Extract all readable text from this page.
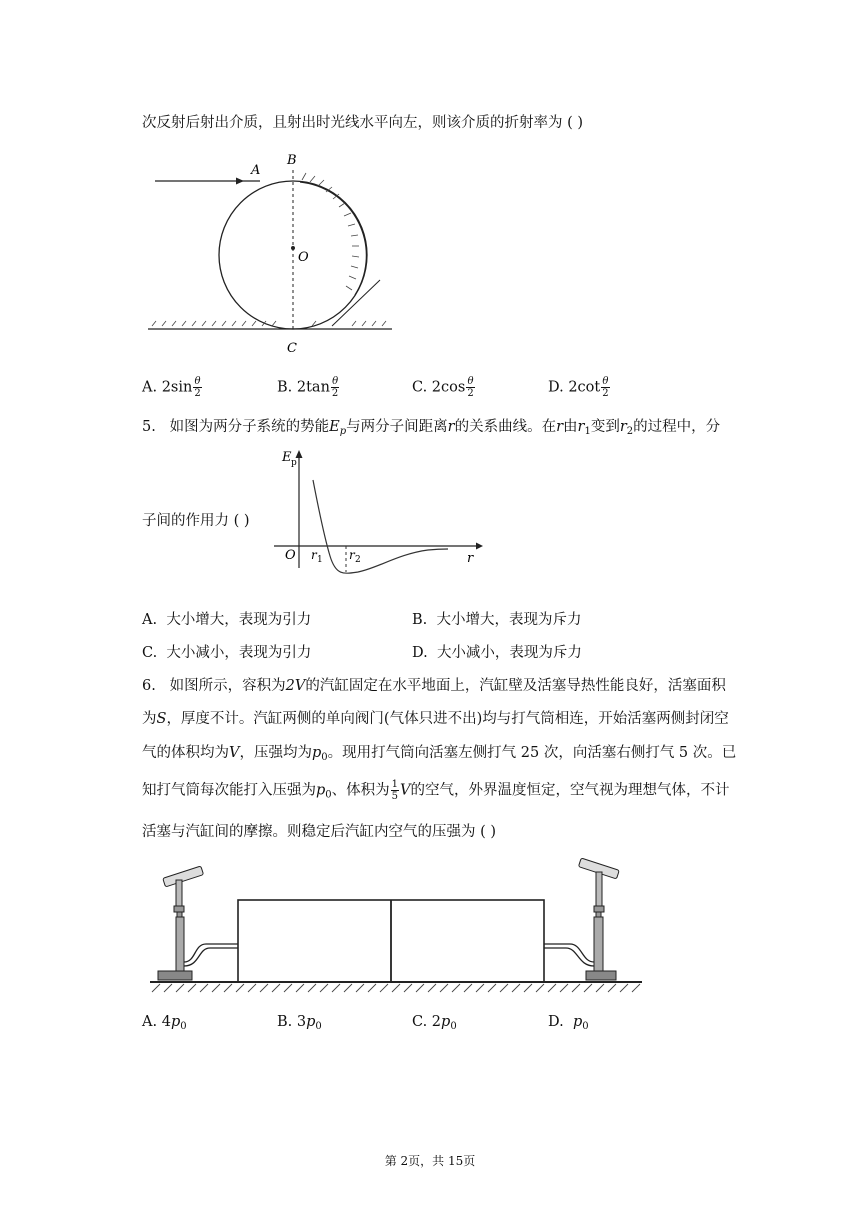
次反射后射出介质，且射出时光线水平向左，则该介质的折射率为 ( )
A
B
O
C
A. $2\sin \frac{\theta}{2}$	B. $2\tan \frac{\theta}{2}$	C. $2\cos \frac{\theta}{2}$	D. $2\cot \frac{\theta}{2}$
5. 如图为两分子系统的势能$E_p$与两分子间距离r的关系曲线。在r由$r_1$变到$r_2$的过程中，分
子间的作用力 ( )
E p
O r 1 r 2	r
A. 大小增大，表现为引力	B. 大小增大，表现为斥力
C. 大小减小，表现为引力	D. 大小减小，表现为斥力
6. 如图所示，容积为2V的汽缸固定在水平地面上，汽缸壁及活塞导热性能良好，活塞面积
为S，厚度不计。汽缸两侧的单向阀门(气体只进不出)均与打气筒相连，开始活塞两侧封闭空
气的体积均为V，压强均为$p_0$。现用打气筒向活塞左侧打气 25 次，向活塞右侧打气 5 次。已
知打气筒每次能打入压强为$p_0$、体积为 $\frac{1}{5}$ V的空气，外界温度恒定，空气视为理想气体，不计
活塞与汽缸间的摩擦。则稳定后汽缸内空气的压强为 ( )
A. $4p_0$	B. $3p_0$	C. $2p_0$	D. $p_0$
第 2页，共 15页
